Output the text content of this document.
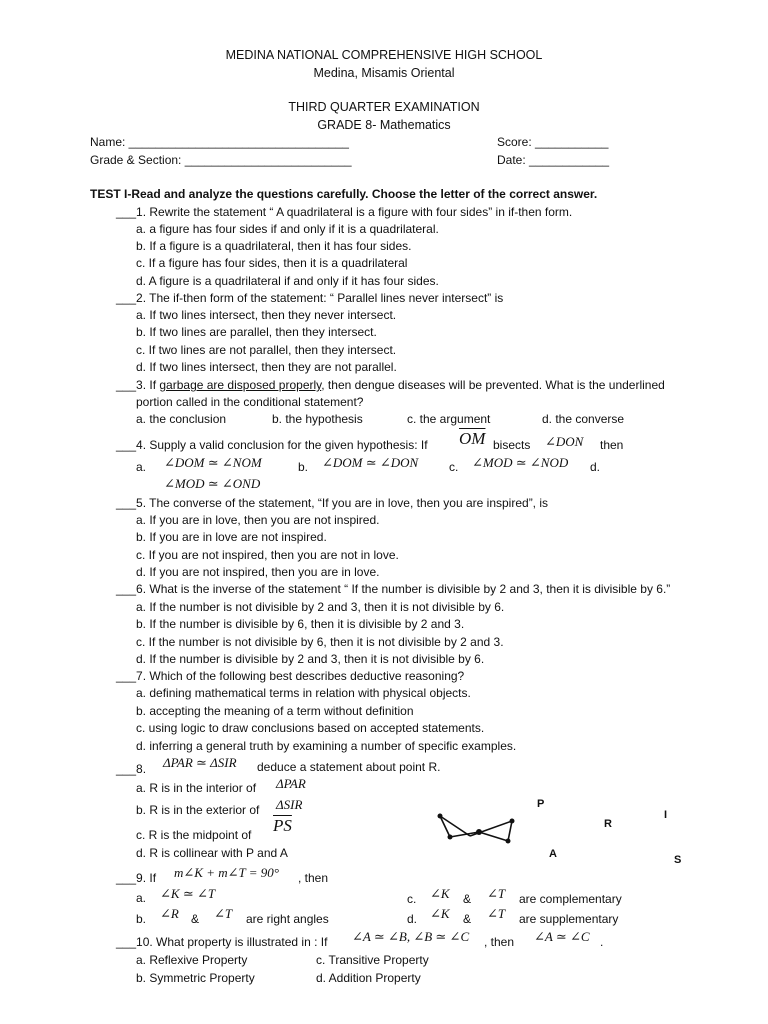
MEDINA NATIONAL COMPREHENSIVE HIGH SCHOOL
Medina, Misamis Oriental
THIRD QUARTER EXAMINATION
GRADE 8- Mathematics
Name: _________________________________	Score: ___________
Grade & Section: _________________________	Date: ____________
TEST I-Read and analyze the questions carefully. Choose the letter of the correct answer.
___1. Rewrite the statement “ A quadrilateral is a figure with four sides” in if-then form.
a. a figure has four sides if and only if it is a quadrilateral.
b. If a figure is a quadrilateral, then it has four sides.
c. If a figure has four sides, then it is a quadrilateral
d. A figure is a quadrilateral if and only if it has four sides.
___2. The if-then form of the statement: “ Parallel lines never intersect” is
a. If two lines intersect, then they never intersect.
b. If two lines are parallel, then they intersect.
c. If two lines are not parallel, then they intersect.
d. If two lines intersect, then they are not parallel.
___3. If garbage are disposed properly, then dengue diseases will be prevented. What is the underlined
portion called in the conditional statement?
a. the conclusion	b. the hypothesis	c. the argument	d. the converse
___4. Supply a valid conclusion for the given hypothesis: If $\overline{OM}$ bisects ∠DON then
a. ∠DOM ≃ ∠NOM	b. ∠DOM ≃ ∠DON	c. ∠MOD ≃ ∠NOD d.
∠MOD ≃ ∠OND
___5. The converse of the statement, “If you are in love, then you are inspired”, is
a. If you are in love, then you are not inspired.
b. If you are in love are not inspired.
c. If you are not inspired, then you are not in love.
d. If you are not inspired, then you are in love.
___6. What is the inverse of the statement “ If the number is divisible by 2 and 3, then it is divisible by 6.”
a. If the number is not divisible by 2 and 3, then it is not divisible by 6.
b. If the number is divisible by 6, then it is divisible by 2 and 3.
c. If the number is not divisible by 6, then it is not divisible by 2 and 3.
d. If the number is divisible by 2 and 3, then it is not divisible by 6.
___7. Which of the following best describes deductive reasoning?
a. defining mathematical terms in relation with physical objects.
b. accepting the meaning of a term without definition
c. using logic to draw conclusions based on accepted statements.
d. inferring a general truth by examining a number of specific examples.
___8. ΔPAR ≃ ΔSIR deduce a statement about point R.
a. R is in the interior of ΔPAR
b. R is in the exterior of ΔSIR
c. R is the midpoint of $\overline{PS}$
d. R is collinear with P and A
P
R
I
A	S
___9. If m∠K + m∠T = 90° , then
a. ∠K ≃ ∠T
b. ∠R & ∠T are right angles
c. ∠K & ∠T are complementary
d. ∠K & ∠T are supplementary
___10. What property is illustrated in : If ∠A ≃ ∠B, ∠B ≃ ∠C , then ∠A ≃ ∠C .
a. Reflexive Property	c. Transitive Property
b. Symmetric Property	d. Addition Property
